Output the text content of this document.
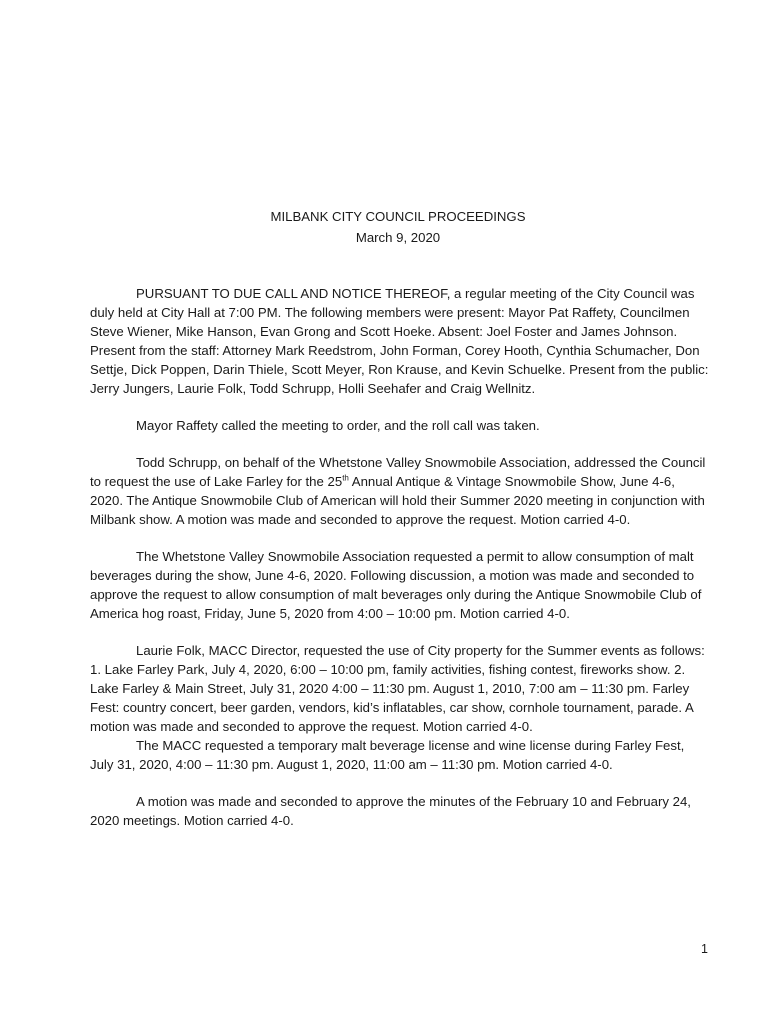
MILBANK CITY COUNCIL PROCEEDINGS
March 9, 2020

PURSUANT TO DUE CALL AND NOTICE THEREOF, a regular meeting of the City Council was duly held at City Hall at 7:00 PM. The following members were present: Mayor Pat Raffety, Councilmen Steve Wiener, Mike Hanson, Evan Grong and Scott Hoeke. Absent: Joel Foster and James Johnson. Present from the staff: Attorney Mark Reedstrom, John Forman, Corey Hooth, Cynthia Schumacher, Don Settje, Dick Poppen, Darin Thiele, Scott Meyer, Ron Krause, and Kevin Schuelke. Present from the public: Jerry Jungers, Laurie Folk, Todd Schrupp, Holli Seehafer and Craig Wellnitz.

Mayor Raffety called the meeting to order, and the roll call was taken.

Todd Schrupp, on behalf of the Whetstone Valley Snowmobile Association, addressed the Council to request the use of Lake Farley for the 25th Annual Antique & Vintage Snowmobile Show, June 4-6, 2020. The Antique Snowmobile Club of American will hold their Summer 2020 meeting in conjunction with Milbank show. A motion was made and seconded to approve the request. Motion carried 4-0.

The Whetstone Valley Snowmobile Association requested a permit to allow consumption of malt beverages during the show, June 4-6, 2020. Following discussion, a motion was made and seconded to approve the request to allow consumption of malt beverages only during the Antique Snowmobile Club of America hog roast, Friday, June 5, 2020 from 4:00 – 10:00 pm. Motion carried 4-0.

Laurie Folk, MACC Director, requested the use of City property for the Summer events as follows: 1. Lake Farley Park, July 4, 2020, 6:00 – 10:00 pm, family activities, fishing contest, fireworks show. 2. Lake Farley & Main Street, July 31, 2020 4:00 – 11:30 pm. August 1, 2010, 7:00 am – 11:30 pm. Farley Fest: country concert, beer garden, vendors, kid’s inflatables, car show, cornhole tournament, parade. A motion was made and seconded to approve the request. Motion carried 4-0.

The MACC requested a temporary malt beverage license and wine license during Farley Fest, July 31, 2020, 4:00 – 11:30 pm. August 1, 2020, 11:00 am – 11:30 pm. Motion carried 4-0.

A motion was made and seconded to approve the minutes of the February 10 and February 24, 2020 meetings. Motion carried 4-0.

1
